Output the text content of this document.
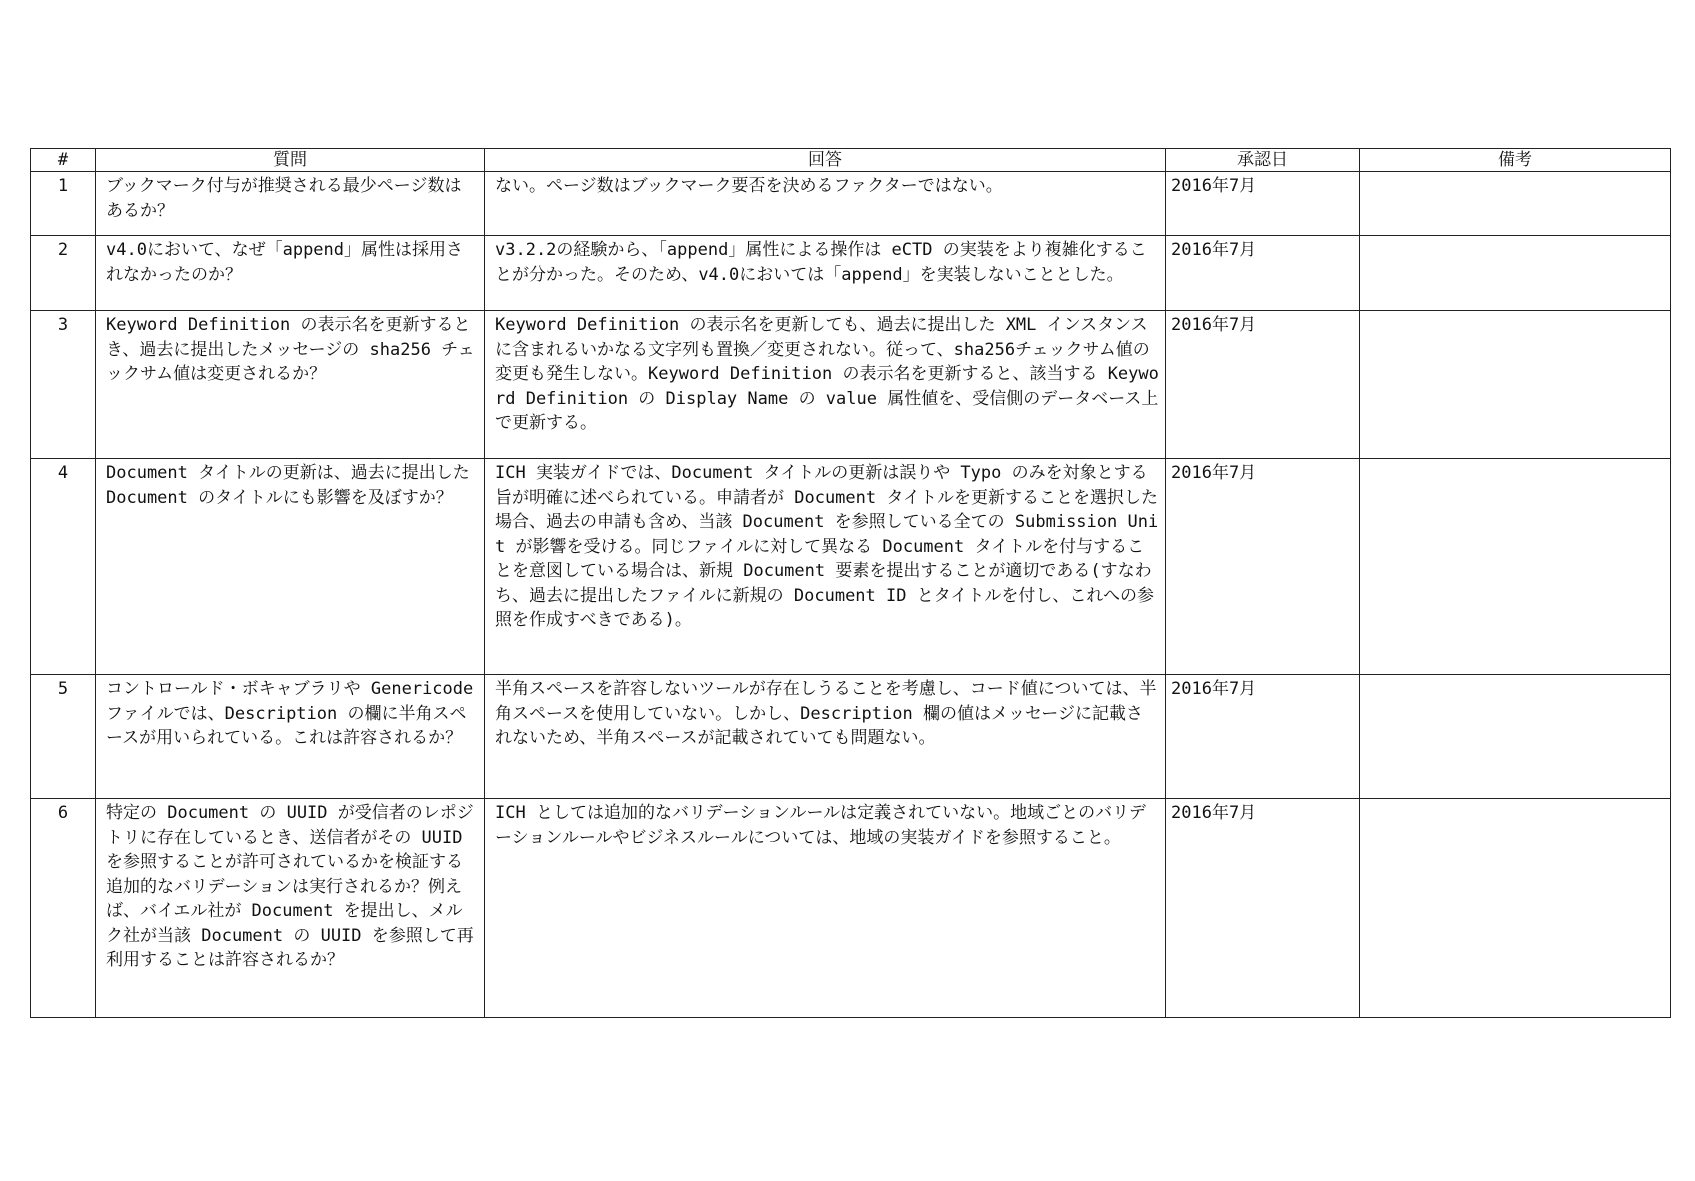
#	質問	回答	承認日	備考
1	ブックマーク付与が推奨される最少ページ数はあるか？	ない。ページ数はブックマーク要否を決めるファクターではない。	2016年7月	
2	v4.0において、なぜ「append」属性は採用されなかったのか？	v3.2.2の経験から、「append」属性による操作は eCTD の実装をより複雑化することが分かった。そのため、v4.0においては「append」を実装しないこととした。	2016年7月	
3	Keyword Definition の表示名を更新するとき、過去に提出したメッセージの sha256 チェックサム値は変更されるか？	Keyword Definition の表示名を更新しても、過去に提出した XML インスタンスに含まれるいかなる文字列も置換／変更されない。従って、sha256チェックサム値の変更も発生しない。Keyword Definition の表示名を更新すると、該当する Keyword Definition の Display Name の value 属性値を、受信側のデータベース上で更新する。	2016年7月	
4	Document タイトルの更新は、過去に提出した Document のタイトルにも影響を及ぼすか？	ICH 実装ガイドでは、Document タイトルの更新は誤りや Typo のみを対象とする旨が明確に述べられている。申請者が Document タイトルを更新することを選択した場合、過去の申請も含め、当該 Document を参照している全ての Submission Unit が影響を受ける。同じファイルに対して異なる Document タイトルを付与することを意図している場合は、新規 Document 要素を提出することが適切である(すなわち、過去に提出したファイルに新規の Document ID とタイトルを付し、これへの参照を作成すべきである)。	2016年7月	
5	コントロールド・ボキャブラリや Genericode ファイルでは、Description の欄に半角スペースが用いられている。これは許容されるか？	半角スペースを許容しないツールが存在しうることを考慮し、コード値については、半角スペースを使用していない。しかし、Description 欄の値はメッセージに記載されないため、半角スペースが記載されていても問題ない。	2016年7月	
6	特定の Document の UUID が受信者のレポジトリに存在しているとき、送信者がその UUID を参照することが許可されているかを検証する追加的なバリデーションは実行されるか？例えば、バイエル社が Document を提出し、メルク社が当該 Document の UUID を参照して再利用することは許容されるか？	ICH としては追加的なバリデーションルールは定義されていない。地域ごとのバリデーションルールやビジネスルールについては、地域の実装ガイドを参照すること。	2016年7月	
